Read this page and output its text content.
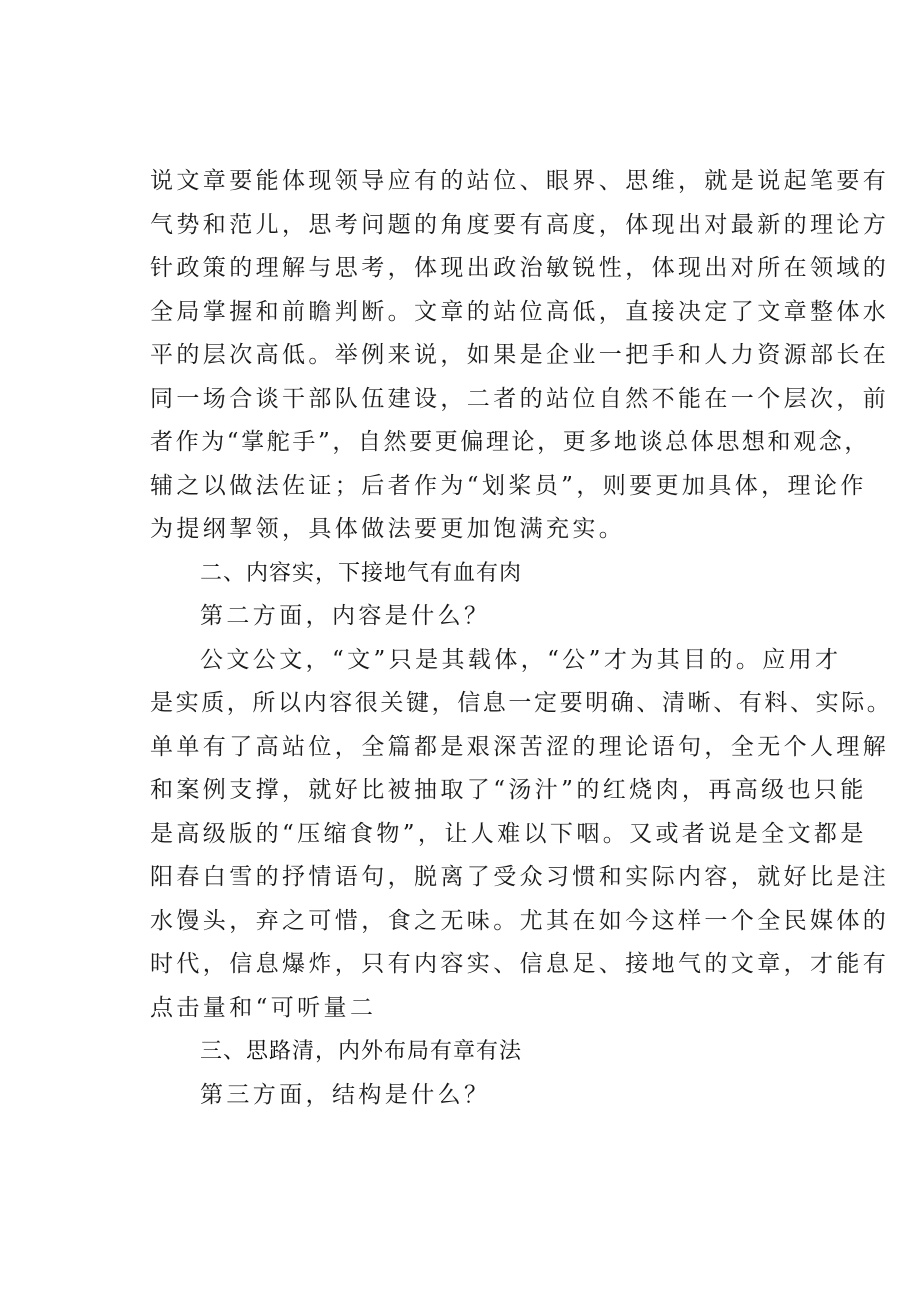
说文章要能体现领导应有的站位、眼界、思维，就是说起笔要有
气势和范儿，思考问题的角度要有高度，体现出对最新的理论方
针政策的理解与思考，体现出政治敏锐性，体现出对所在领域的
全局掌握和前瞻判断。文章的站位高低，直接决定了文章整体水
平的层次高低。举例来说，如果是企业一把手和人力资源部长在
同一场合谈干部队伍建设，二者的站位自然不能在一个层次，前
者作为“掌舵手”，自然要更偏理论，更多地谈总体思想和观念，
辅之以做法佐证；后者作为“划桨员”，则要更加具体，理论作
为提纲挈领，具体做法要更加饱满充实。

二、内容实，下接地气有血有肉

第二方面，内容是什么？

公文公文，“文”只是其载体，“公”才为其目的。应用才
是实质，所以内容很关键，信息一定要明确、清晰、有料、实际。
单单有了高站位，全篇都是艰深苦涩的理论语句，全无个人理解
和案例支撑，就好比被抽取了“汤汁”的红烧肉，再高级也只能
是高级版的“压缩食物”，让人难以下咽。又或者说是全文都是
阳春白雪的抒情语句，脱离了受众习惯和实际内容，就好比是注
水馒头，弃之可惜，食之无味。尤其在如今这样一个全民媒体的
时代，信息爆炸，只有内容实、信息足、接地气的文章，才能有
点击量和“可听量二

三、思路清，内外布局有章有法

第三方面，结构是什么？
